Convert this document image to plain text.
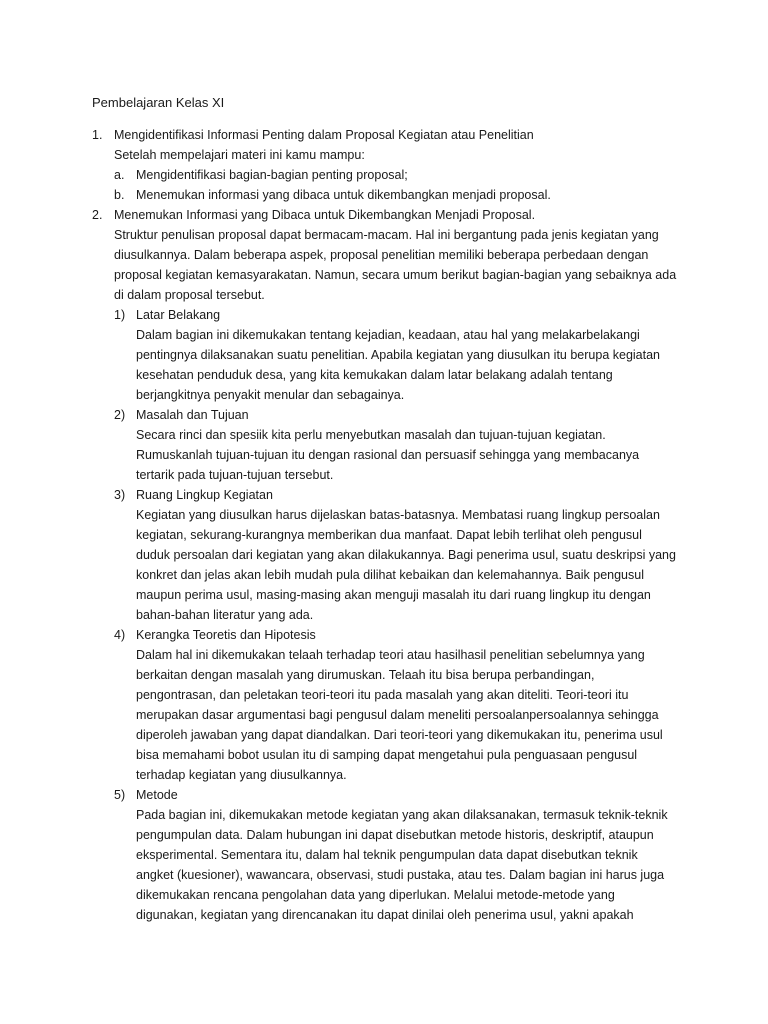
Pembelajaran Kelas XI
1. Mengidentifikasi Informasi Penting dalam Proposal Kegiatan atau Penelitian
Setelah mempelajari materi ini kamu mampu:
a. Mengidentifikasi bagian-bagian penting proposal;
b. Menemukan informasi yang dibaca untuk dikembangkan menjadi proposal.
2. Menemukan Informasi yang Dibaca untuk Dikembangkan Menjadi Proposal.
Struktur penulisan proposal dapat bermacam-macam. Hal ini bergantung pada jenis kegiatan yang
diusulkannya. Dalam beberapa aspek, proposal penelitian memiliki beberapa perbedaan dengan
proposal kegiatan kemasyarakatan. Namun, secara umum berikut bagian-bagian yang sebaiknya ada
di dalam proposal tersebut.
1) Latar Belakang
Dalam bagian ini dikemukakan tentang kejadian, keadaan, atau hal yang melakarbelakangi
pentingnya dilaksanakan suatu penelitian. Apabila kegiatan yang diusulkan itu berupa kegiatan
kesehatan penduduk desa, yang kita kemukakan dalam latar belakang adalah tentang
berjangkitnya penyakit menular dan sebagainya.
2) Masalah dan Tujuan
Secara rinci dan spesiik kita perlu menyebutkan masalah dan tujuan-tujuan kegiatan.
Rumuskanlah tujuan-tujuan itu dengan rasional dan persuasif sehingga yang membacanya
tertarik pada tujuan-tujuan tersebut.
3) Ruang Lingkup Kegiatan
Kegiatan yang diusulkan harus dijelaskan batas-batasnya. Membatasi ruang lingkup persoalan
kegiatan, sekurang-kurangnya memberikan dua manfaat. Dapat lebih terlihat oleh pengusul
duduk persoalan dari kegiatan yang akan dilakukannya. Bagi penerima usul, suatu deskripsi yang
konkret dan jelas akan lebih mudah pula dilihat kebaikan dan kelemahannya. Baik pengusul
maupun perima usul, masing-masing akan menguji masalah itu dari ruang lingkup itu dengan
bahan-bahan literatur yang ada.
4) Kerangka Teoretis dan Hipotesis
Dalam hal ini dikemukakan telaah terhadap teori atau hasilhasil penelitian sebelumnya yang
berkaitan dengan masalah yang dirumuskan. Telaah itu bisa berupa perbandingan,
pengontrasan, dan peletakan teori-teori itu pada masalah yang akan diteliti. Teori-teori itu
merupakan dasar argumentasi bagi pengusul dalam meneliti persoalanpersoalannya sehingga
diperoleh jawaban yang dapat diandalkan. Dari teori-teori yang dikemukakan itu, penerima usul
bisa memahami bobot usulan itu di samping dapat mengetahui pula penguasaan pengusul
terhadap kegiatan yang diusulkannya.
5) Metode
Pada bagian ini, dikemukakan metode kegiatan yang akan dilaksanakan, termasuk teknik-teknik
pengumpulan data. Dalam hubungan ini dapat disebutkan metode historis, deskriptif, ataupun
eksperimental. Sementara itu, dalam hal teknik pengumpulan data dapat disebutkan teknik
angket (kuesioner), wawancara, observasi, studi pustaka, atau tes. Dalam bagian ini harus juga
dikemukakan rencana pengolahan data yang diperlukan. Melalui metode-metode yang
digunakan, kegiatan yang direncanakan itu dapat dinilai oleh penerima usul, yakni apakah
